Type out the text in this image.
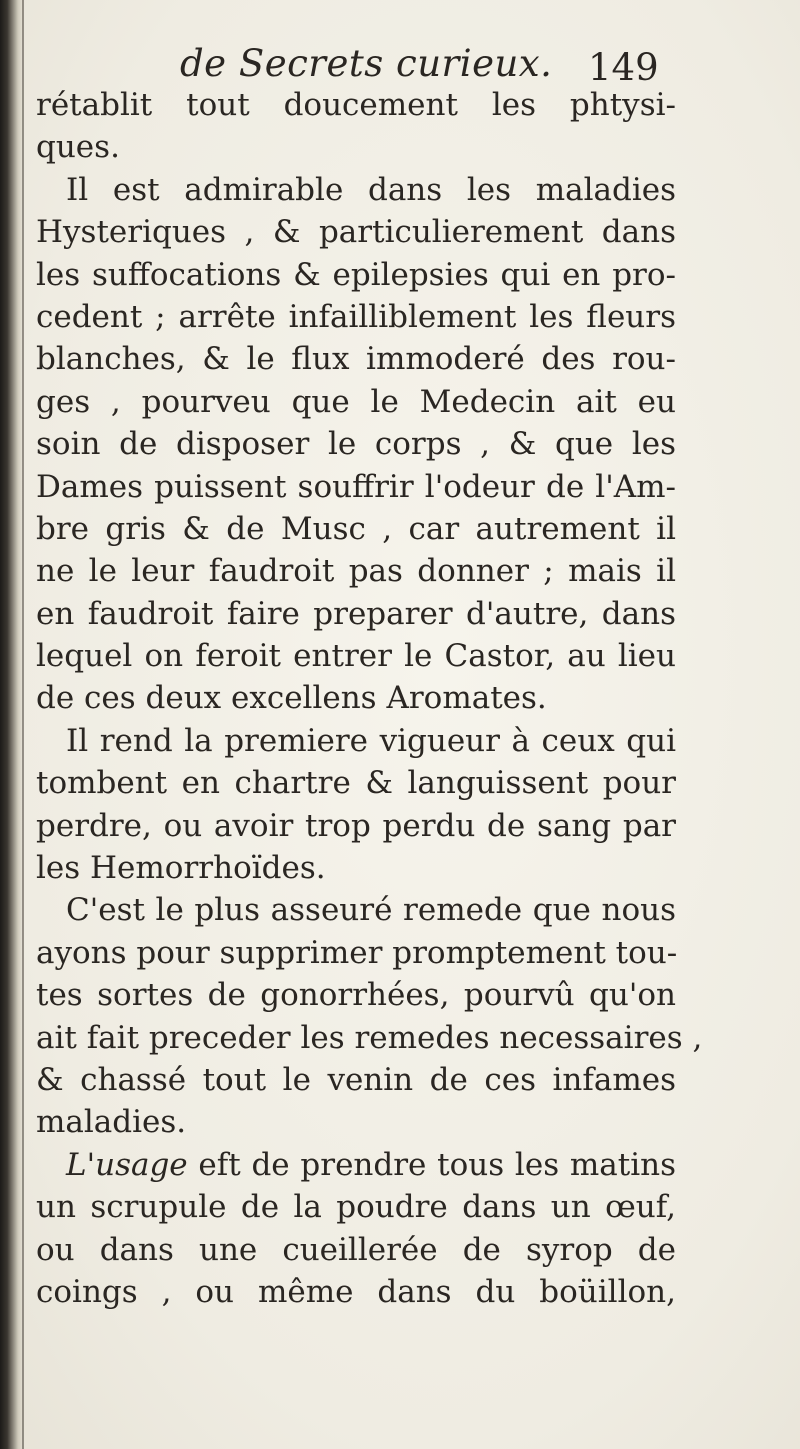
de Secrets curieux. 149
rétablit tout doucement les phtysi-
ques.
Il est admirable dans les maladies
Hysteriques , & particulierement dans
les suffocations & epilepsies qui en pro-
cedent ; arrête infailliblement les fleurs
blanches, & le flux immoderé des rou-
ges , pourveu que le Medecin ait eu
soin de disposer le corps , & que les
Dames puissent souffrir l'odeur de l'Am-
bre gris & de Musc , car autrement il
ne le leur faudroit pas donner ; mais il
en faudroit faire preparer d'autre, dans
lequel on feroit entrer le Castor, au lieu
de ces deux excellens Aromates.
Il rend la premiere vigueur à ceux qui
tombent en chartre & languissent pour
perdre, ou avoir trop perdu de sang par
les Hemorrhoïdes.
C'est le plus asseuré remede que nous
ayons pour supprimer promptement tou-
tes sortes de gonorrhées, pourvû qu'on
ait fait preceder les remedes necessaires ,
& chassé tout le venin de ces infames
maladies.
L'usage eft de prendre tous les matins
un scrupule de la poudre dans un œuf,
ou dans une cueillerée de syrop de
coings , ou même dans du boüillon,
